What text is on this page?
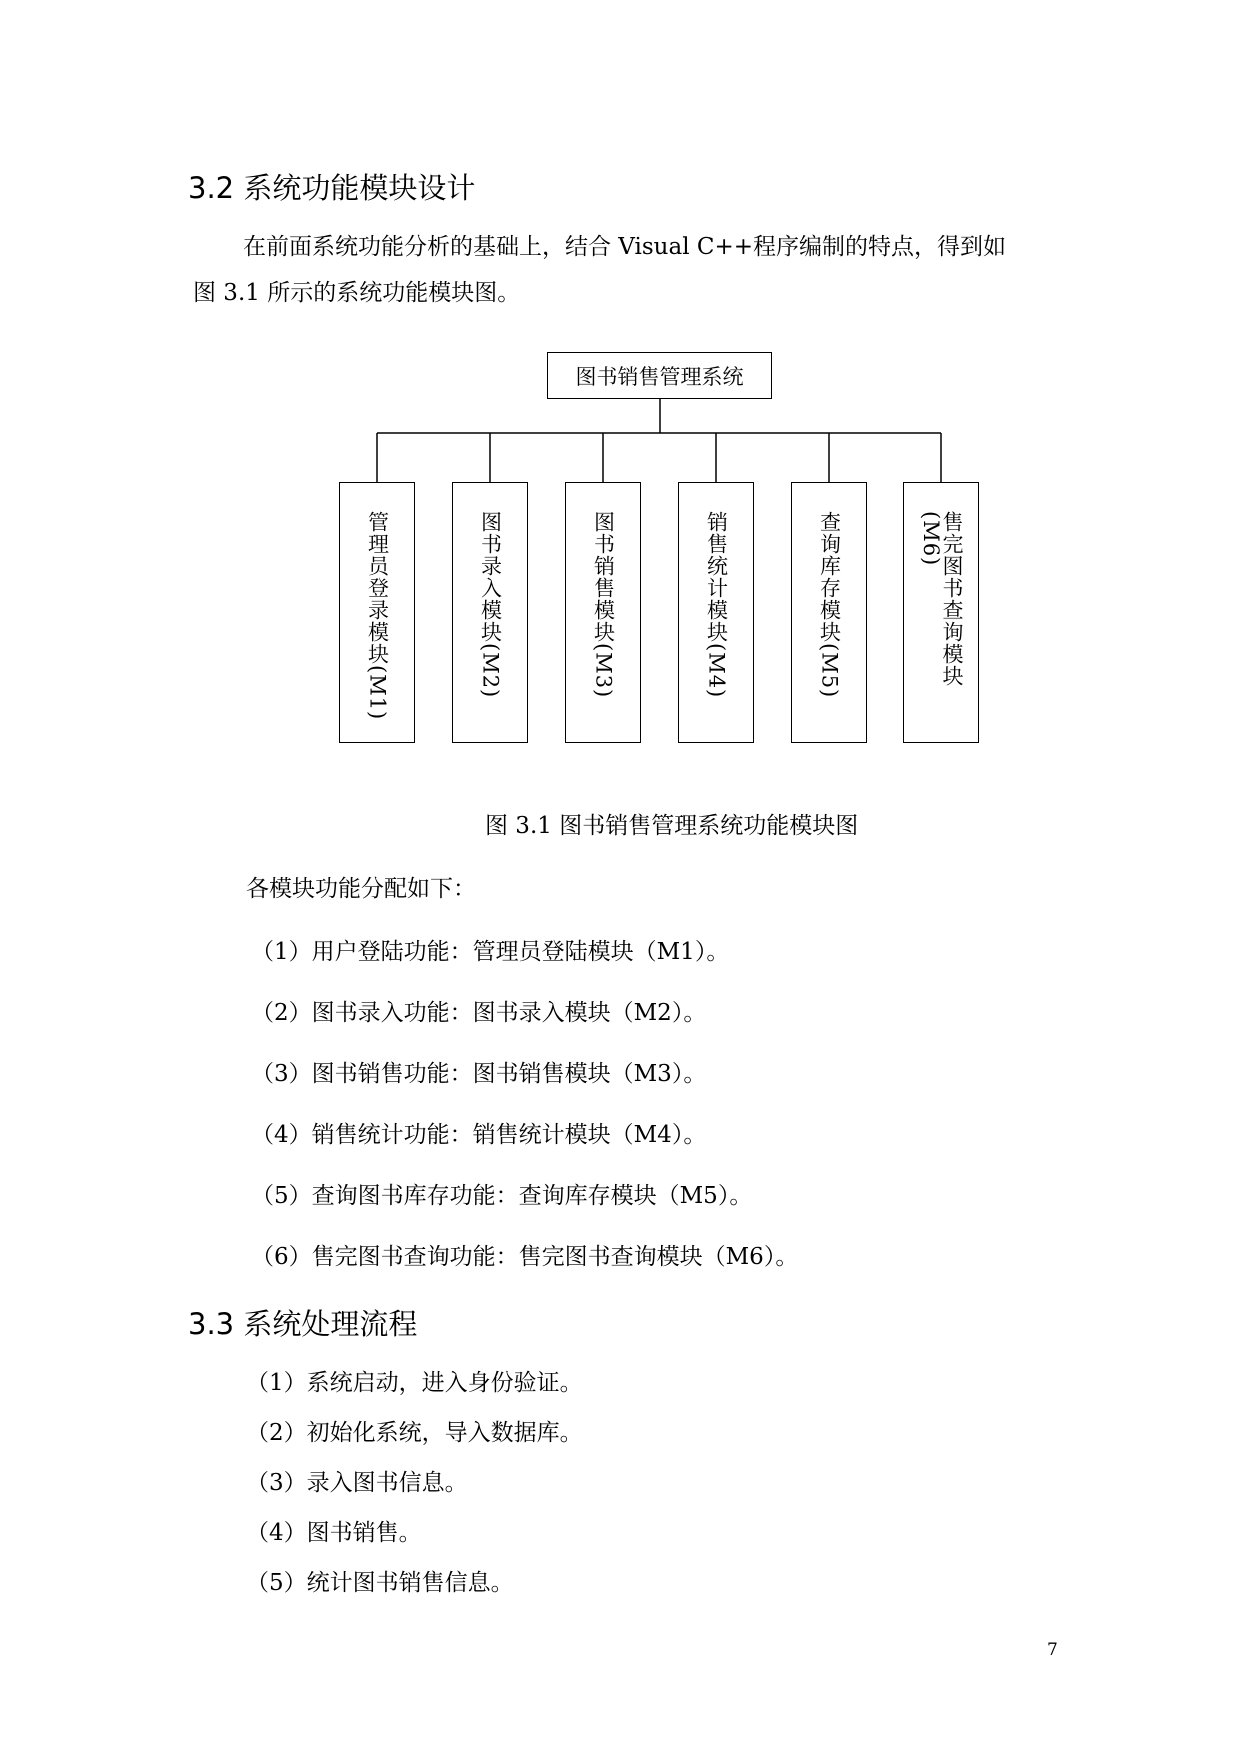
3.2 系统功能模块设计
在前面系统功能分析的基础上，结合 Visual C++程序编制的特点，得到如
图 3.1 所示的系统功能模块图。
图书销售管理系统
管理员登录模块(M1)	图书录入模块(M2)	图书销售模块(M3)	销售统计模块(M4)	查询库存模块(M5)	售完图书查询模块(M6)
图 3.1 图书销售管理系统功能模块图
各模块功能分配如下：
（1）用户登陆功能：管理员登陆模块（M1）。
（2）图书录入功能：图书录入模块（M2）。
（3）图书销售功能：图书销售模块（M3）。
（4）销售统计功能：销售统计模块（M4）。
（5）查询图书库存功能：查询库存模块（M5）。
（6）售完图书查询功能：售完图书查询模块（M6）。
3.3 系统处理流程
（1）系统启动，进入身份验证。
（2）初始化系统，导入数据库。
（3）录入图书信息。
（4）图书销售。
（5）统计图书销售信息。
7
